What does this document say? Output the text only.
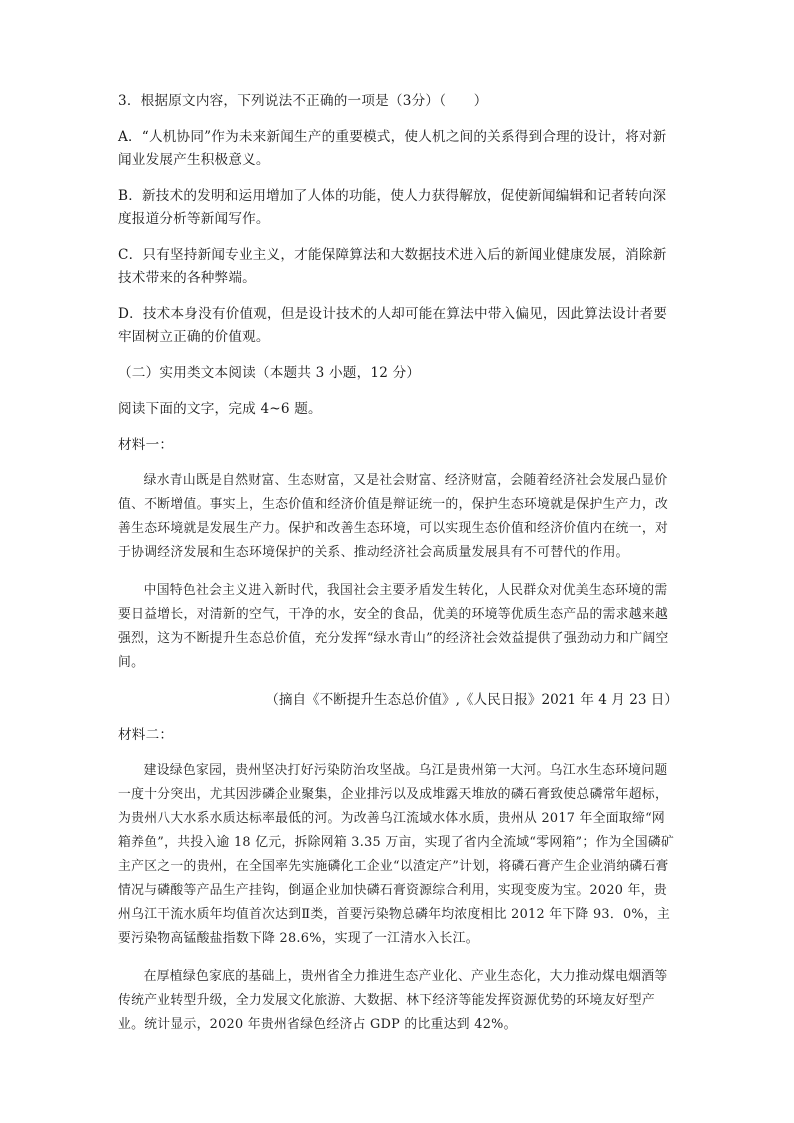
3．根据原文内容，下列说法不正确的一项是（3分）（　　）

A．“人机协同”作为未来新闻生产的重要模式，使人机之间的关系得到合理的设计，将对新闻业发展产生积极意义。

B．新技术的发明和运用增加了人体的功能，使人力获得解放，促使新闻编辑和记者转向深度报道分析等新闻写作。

C．只有坚持新闻专业主义，才能保障算法和大数据技术进入后的新闻业健康发展，消除新技术带来的各种弊端。

D．技术本身没有价值观，但是设计技术的人却可能在算法中带入偏见，因此算法设计者要牢固树立正确的价值观。

（二）实用类文本阅读（本题共 3 小题，12 分）

阅读下面的文字，完成 4~6 题。

材料一：

绿水青山既是自然财富、生态财富，又是社会财富、经济财富，会随着经济社会发展凸显价值、不断增值。事实上，生态价值和经济价值是辩证统一的，保护生态环境就是保护生产力，改善生态环境就是发展生产力。保护和改善生态环境，可以实现生态价值和经济价值内在统一，对于协调经济发展和生态环境保护的关系、推动经济社会高质量发展具有不可替代的作用。

中国特色社会主义进入新时代，我国社会主要矛盾发生转化，人民群众对优美生态环境的需要日益增长，对清新的空气，干净的水，安全的食品，优美的环境等优质生态产品的需求越来越强烈，这为不断提升生态总价值，充分发挥“绿水青山”的经济社会效益提供了强劲动力和广阔空间。

（摘自《不断提升生态总价值》,《人民日报》2021 年 4 月 23 日）

材料二：

建设绿色家园，贵州坚决打好污染防治攻坚战。乌江是贵州第一大河。乌江水生态环境问题一度十分突出，尤其因涉磷企业聚集，企业排污以及成堆露天堆放的磷石膏致使总磷常年超标，为贵州八大水系水质达标率最低的河。为改善乌江流域水体水质，贵州从 2017 年全面取缔“网箱养鱼”，共投入逾 18 亿元，拆除网箱 3.35 万亩，实现了省内全流域“零网箱”；作为全国磷矿主产区之一的贵州，在全国率先实施磷化工企业“以渣定产”计划，将磷石膏产生企业消纳磷石膏情况与磷酸等产品生产挂钩，倒逼企业加快磷石膏资源综合利用，实现变废为宝。2020 年，贵州乌江干流水质年均值首次达到Ⅱ类，首要污染物总磷年均浓度相比 2012 年下降 93．0%，主要污染物高锰酸盐指数下降 28.6%，实现了一江清水入长江。

在厚植绿色家底的基础上，贵州省全力推进生态产业化、产业生态化，大力推动煤电烟酒等传统产业转型升级，全力发展文化旅游、大数据、林下经济等能发挥资源优势的环境友好型产业。统计显示，2020 年贵州省绿色经济占 GDP 的比重达到 42%。
